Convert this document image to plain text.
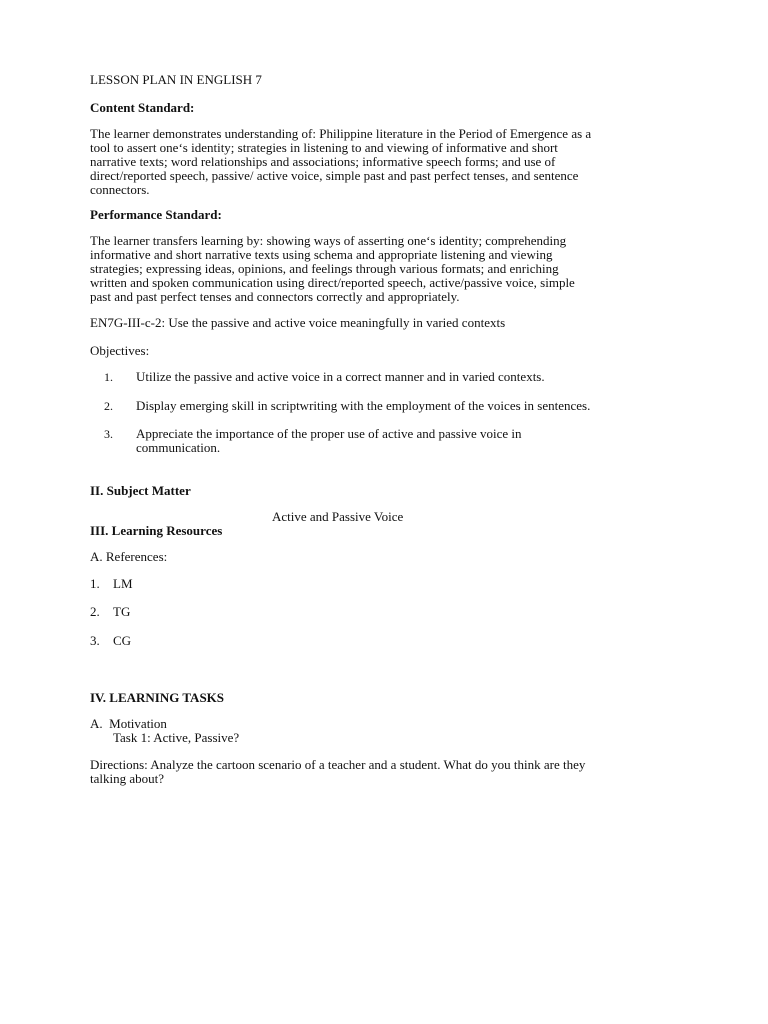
LESSON PLAN IN ENGLISH 7

Content Standard:

The learner demonstrates understanding of: Philippine literature in the Period of Emergence as a

tool to assert one‘s identity; strategies in listening to and viewing of informative and short

narrative texts; word relationships and associations; informative speech forms; and use of

direct/reported speech, passive/ active voice, simple past and past perfect tenses, and sentence

connectors.

Performance Standard:

The learner transfers learning by: showing ways of asserting one‘s identity; comprehending

informative and short narrative texts using schema and appropriate listening and viewing

strategies; expressing ideas, opinions, and feelings through various formats; and enriching

written and spoken communication using direct/reported speech, active/passive voice, simple

past and past perfect tenses and connectors correctly and appropriately.

EN7G-III-c-2: Use the passive and active voice meaningfully in varied contexts

Objectives:

1. Utilize the passive and active voice in a correct manner and in varied contexts.

2. Display emerging skill in scriptwriting with the employment of the voices in sentences.

3. Appreciate the importance of the proper use of active and passive voice in

communication.

II. Subject Matter

Active and Passive Voice

III. Learning Resources

A. References:

1. LM

2. TG

3. CG

IV. LEARNING TASKS

A.  Motivation

Task 1: Active, Passive?

Directions: Analyze the cartoon scenario of a teacher and a student. What do you think are they

talking about?
